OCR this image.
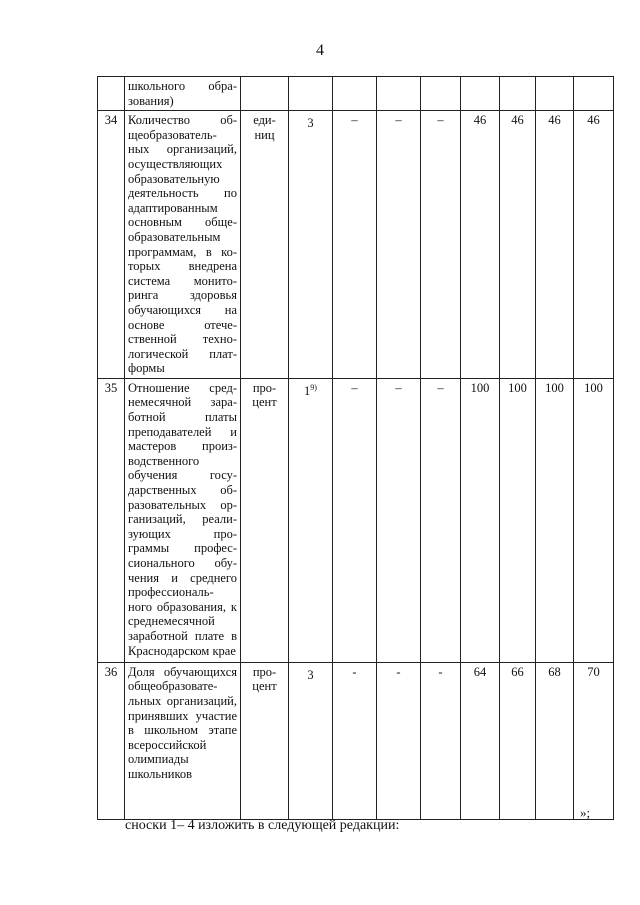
4
	школьного обра-зования)									
34	Количество об-щеобразователь-ных организаций, осуществляющих образовательную деятельность по адаптированным основным обще-образовательным программам, в ко-торых внедрена система монито-ринга здоровья обучающихся на основе отече-ственной техно-логической плат-формы	еди-ниц	3	–	–	–	46	46	46	46
35	Отношение сред-немесячной зара-ботной платы преподавателей и мастеров произ-водственного обучения госу-дарственных об-разовательных ор-ганизаций, реали-зующих про-граммы профес-сионального обу-чения и среднего профессиональ-ного образования, к среднемесячной заработной плате в Краснодарском крае	про-цент	1$^{9)}$	–	–	–	100	100	100	100
36	Доля обучающихся общеобразовате-льных организаций, принявших участие в школьном этапе всероссийской олимпиады школьников	про-цент	3	-	-	-	64	66	68	70
»;
сноски 1– 4 изложить в следующей редакции:
